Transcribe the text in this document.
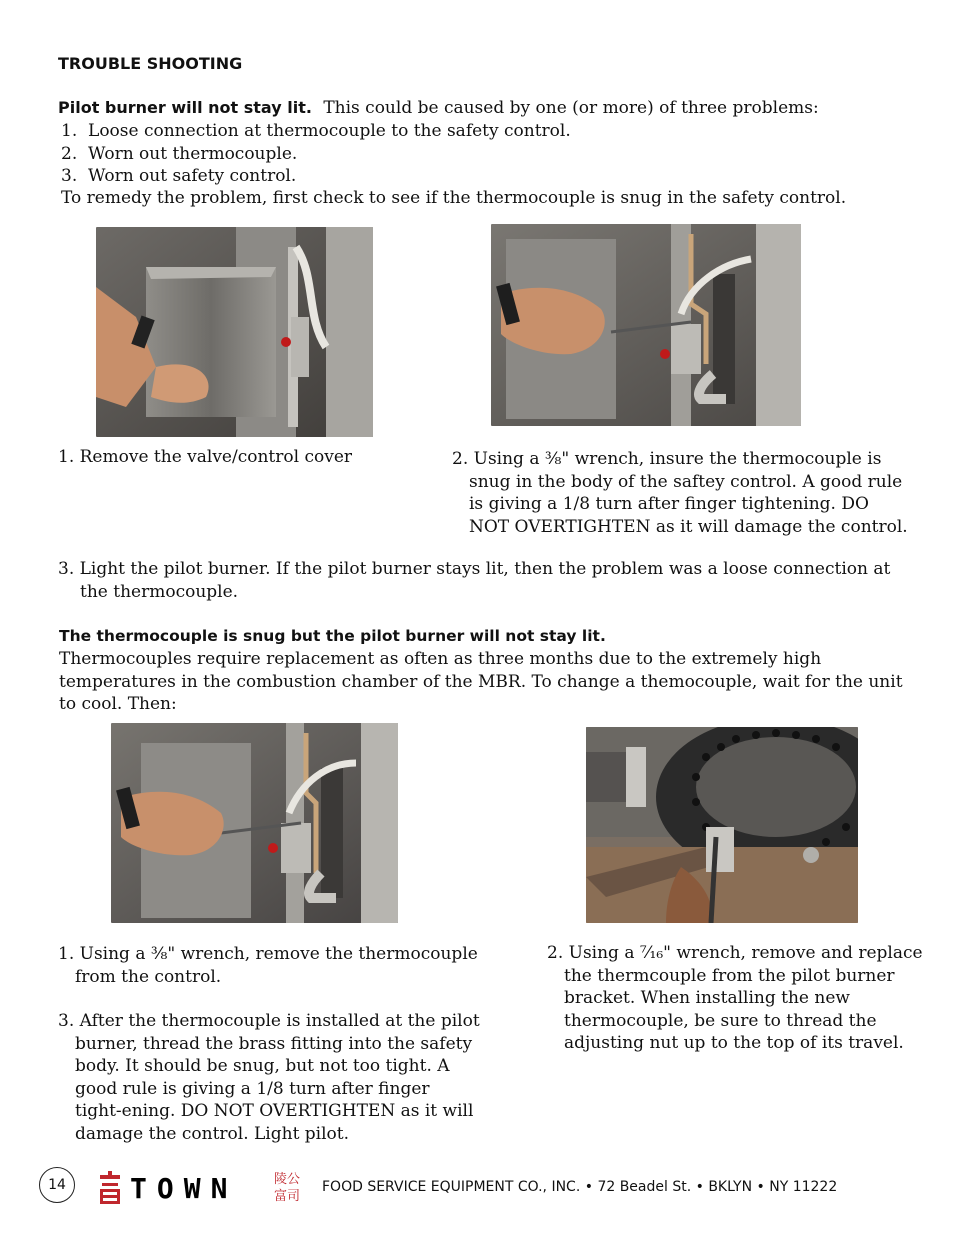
TROUBLE SHOOTING
Pilot burner will not stay lit. This could be caused by one (or more) of three problems:
1.  Loose connection at thermocouple to the safety control.
2.  Worn out thermocouple.
3.  Worn out safety control.
To remedy the problem, first check to see if the thermocouple is snug in the safety control.
1. Remove the valve/control cover	2. Using a ⅜" wrench, insure the thermocouple is snug in the body of the saftey control. A good rule is giving a 1/8 turn after finger tightening. DO NOT OVERTIGHTEN as it will damage the control.
3. Light the pilot burner. If the pilot burner stays lit, then the problem was a loose connection at the thermocouple.
The thermocouple is snug but the pilot burner will not stay lit.
Thermocouples require replacement as often as three months due to the extremely high temperatures in the combustion chamber of the MBR. To change a themocouple, wait for the unit to cool. Then:
1. Using a ⅜" wrench, remove the thermocouple from the control.
3. After the thermocouple is installed at the pilot burner, thread the brass fitting into the safety body. It should be snug, but not too tight. A good rule is giving a 1/8 turn after finger tight-ening. DO NOT OVERTIGHTEN as it will damage the control. Light pilot.
2. Using a ⁷⁄₁₆" wrench, remove and replace the thermcouple from the pilot burner bracket. When installing the new thermocouple, be sure to thread the adjusting nut up to the top of its travel.
14	TOWN	陵公富司
FOOD SERVICE EQUIPMENT CO., INC. • 72 Beadel St. • BKLYN • NY 11222
